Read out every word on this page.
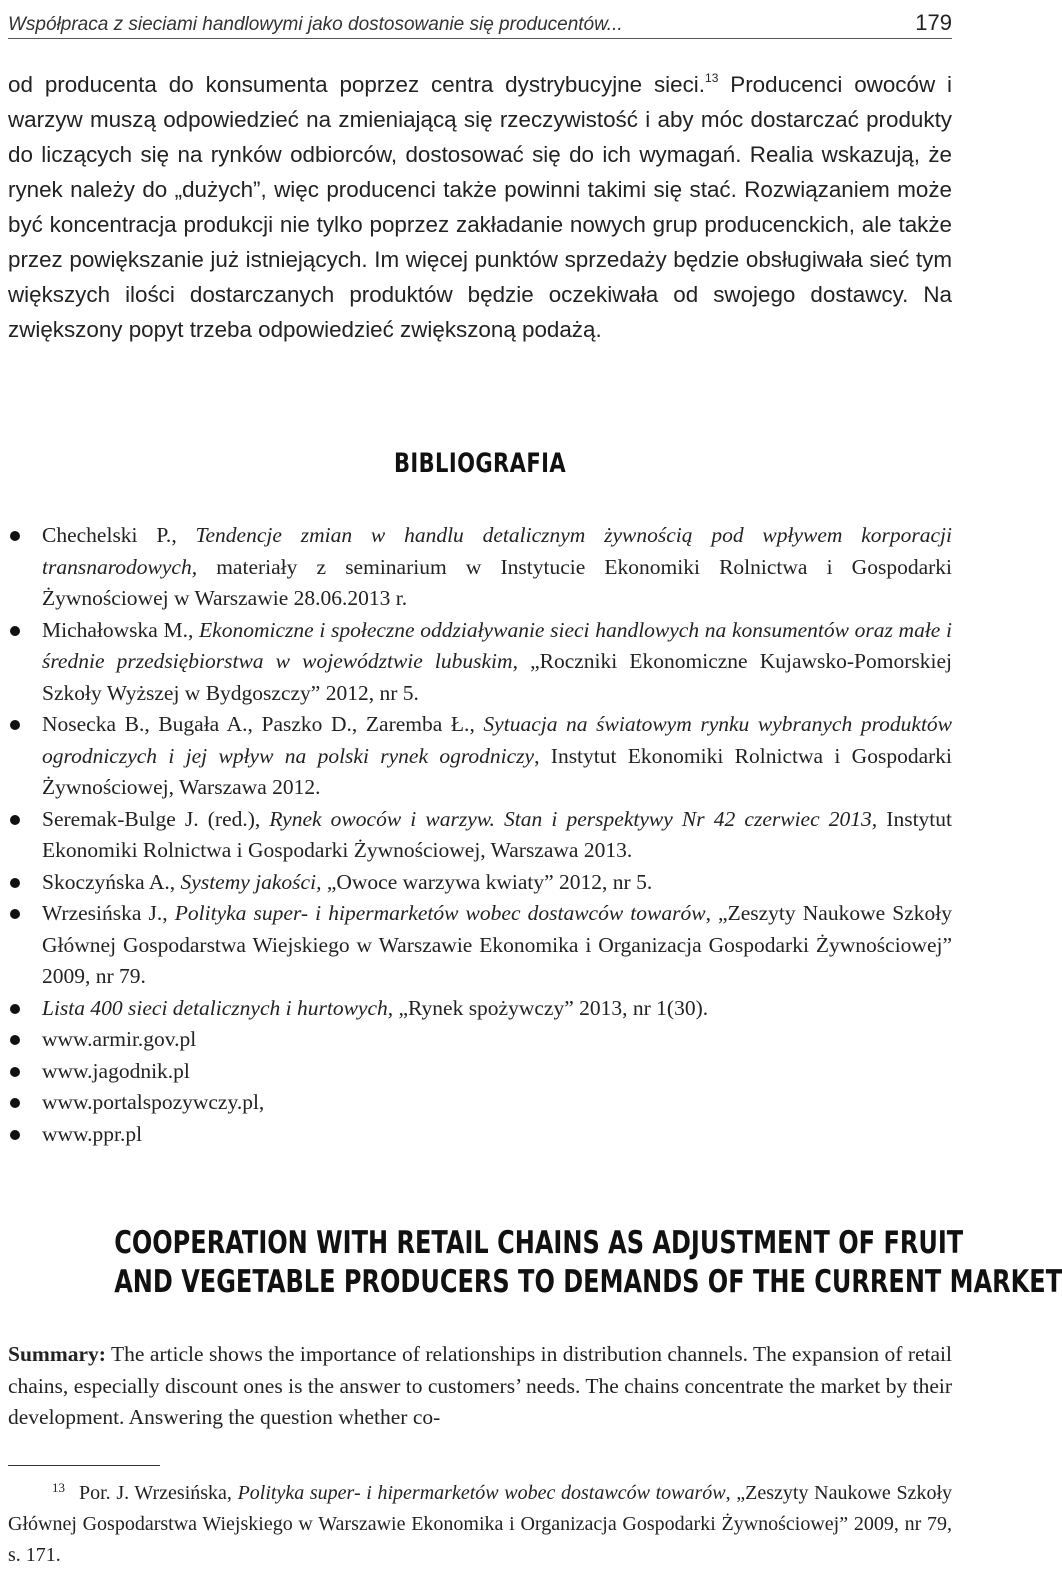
Współpraca z sieciami handlowymi jako dostosowanie się producentów...	179

od producenta do konsumenta poprzez centra dystrybucyjne sieci.$^{13}$ Producenci owoców i warzyw muszą odpowiedzieć na zmieniającą się rzeczywistość i aby móc dostarczać produkty do liczących się na rynków odbiorców, dostosować się do ich wymagań. Realia wskazują, że rynek należy do „dużych”, więc producenci także powinni takimi się stać. Rozwiązaniem może być koncentracja produkcji nie tylko poprzez zakładanie nowych grup producenckich, ale także przez powiększanie już istniejących. Im więcej punktów sprzedaży będzie obsługiwała sieć tym większych ilości dostarczanych produktów będzie oczekiwała od swojego dostawcy. Na zwiększony popyt trzeba odpowiedzieć zwiększoną podażą.

BIBLIOGRAFIA
Chechelski P., Tendencje zmian w handlu detalicznym żywnością pod wpływem korporacji transnarodowych, materiały z seminarium w Instytucie Ekonomiki Rolnictwa i Gospodarki Żywnościowej w Warszawie 28.06.2013 r.
Michałowska M., Ekonomiczne i społeczne oddziaływanie sieci handlowych na konsumentów oraz małe i średnie przedsiębiorstwa w województwie lubuskim, „Roczniki Ekonomiczne Kujawsko-Pomorskiej Szkoły Wyższej w Bydgoszczy” 2012, nr 5.
Nosecka B., Bugała A., Paszko D., Zaremba Ł., Sytuacja na światowym rynku wybranych produktów ogrodniczych i jej wpływ na polski rynek ogrodniczy, Instytut Ekonomiki Rolnictwa i Gospodarki Żywnościowej, Warszawa 2012.
Seremak-Bulge J. (red.), Rynek owoców i warzyw. Stan i perspektywy Nr 42 czerwiec 2013, Instytut Ekonomiki Rolnictwa i Gospodarki Żywnościowej, Warszawa 2013.
Skoczyńska A., Systemy jakości, „Owoce warzywa kwiaty” 2012, nr 5.
Wrzesińska J., Polityka super- i hipermarketów wobec dostawców towarów, „Zeszyty Naukowe Szkoły Głównej Gospodarstwa Wiejskiego w Warszawie Ekonomika i Organizacja Gospodarki Żywnościowej” 2009, nr 79.
Lista 400 sieci detalicznych i hurtowych, „Rynek spożywczy” 2013, nr 1(30).
www.armir.gov.pl
www.jagodnik.pl
www.portalspozywczy.pl,
www.ppr.pl
COOPERATION WITH RETAIL CHAINS AS ADJUSTMENT OF FRUIT
AND VEGETABLE PRODUCERS TO DEMANDS OF THE CURRENT MARKET

Summary: The article shows the importance of relationships in distribution channels. The expansion of retail chains, especially discount ones is the answer to customers’ needs. The chains concentrate the market by their development. Answering the question whether co-

$^{13}$ Por. J. Wrzesińska, Polityka super- i hipermarketów wobec dostawców towarów, „Zeszyty Naukowe Szkoły Głównej Gospodarstwa Wiejskiego w Warszawie Ekonomika i Organizacja Gospodarki Żywnościowej” 2009, nr 79, s. 171.
